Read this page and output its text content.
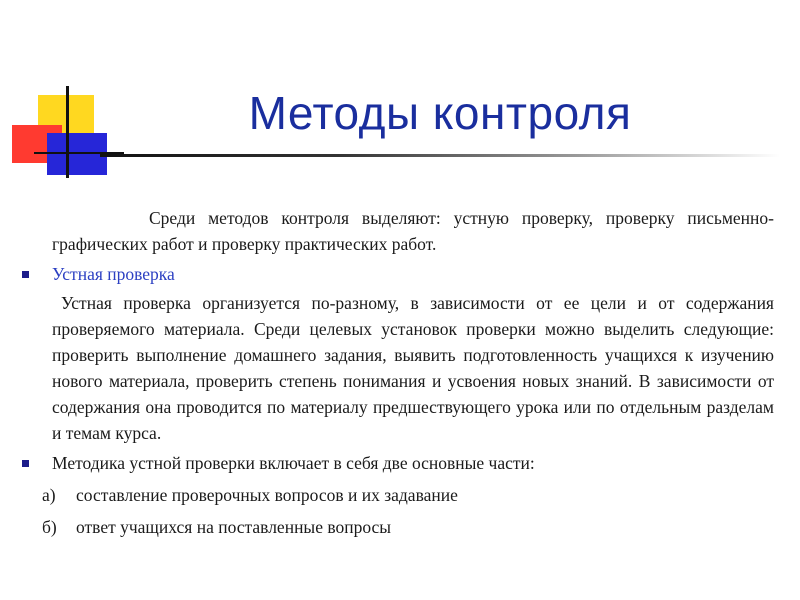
Методы контроля

Среди методов контроля выделяют: устную проверку, проверку письменно-графических работ и проверку практических работ.

Устная проверка

Устная проверка организуется по-разному, в зависимости от ее цели и от содержания проверяемого материала. Среди целевых установок проверки можно выделить следующие: проверить выполнение домашнего задания, выявить подготовленность учащихся к изучению нового материала, проверить степень понимания и усвоения новых знаний. В зависимости от содержания она проводится по материалу предшествующего урока или по отдельным разделам и темам курса.

Методика устной проверки включает в себя две основные части:
а) составление проверочных вопросов и их задавание
б) ответ учащихся на поставленные вопросы
